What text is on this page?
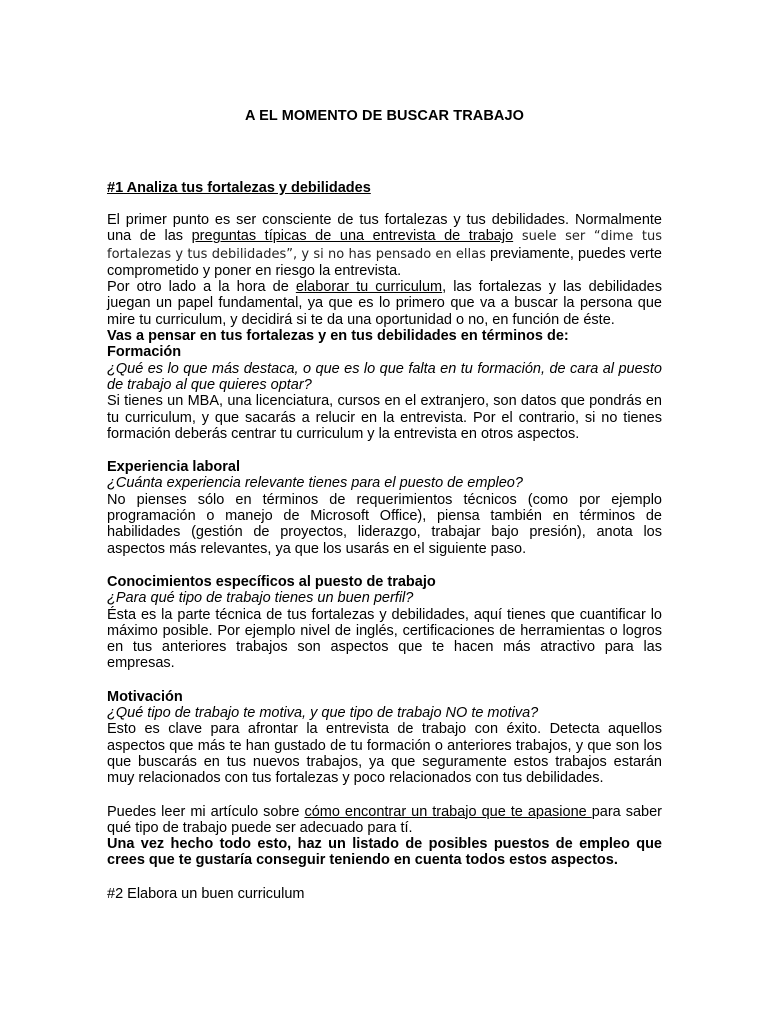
A EL MOMENTO DE BUSCAR TRABAJO
#1 Analiza tus fortalezas y debilidades

El primer punto es ser consciente de tus fortalezas y tus debilidades. Normalmente una de las preguntas típicas de una entrevista de trabajo suele ser “dime tus fortalezas y tus debilidades”, y si no has pensado en ellas previamente, puedes verte comprometido y poner en riesgo la entrevista.

Por otro lado a la hora de elaborar tu curriculum, las fortalezas y las debilidades juegan un papel fundamental, ya que es lo primero que va a buscar la persona que mire tu curriculum, y decidirá si te da una oportunidad o no, en función de éste.

Vas a pensar en tus fortalezas y en tus debilidades en términos de:

Formación

¿Qué es lo que más destaca, o que es lo que falta en tu formación, de cara al puesto de trabajo al que quieres optar?

Si tienes un MBA, una licenciatura, cursos en el extranjero, son datos que pondrás en tu curriculum, y que sacarás a relucir en la entrevista. Por el contrario, si no tienes formación deberás centrar tu curriculum y la entrevista en otros aspectos.

Experiencia laboral

¿Cuánta experiencia relevante tienes para el puesto de empleo?

No pienses sólo en términos de requerimientos técnicos (como por ejemplo programación o manejo de Microsoft Office), piensa también en términos de habilidades (gestión de proyectos, liderazgo, trabajar bajo presión), anota los aspectos más relevantes, ya que los usarás en el siguiente paso.

Conocimientos específicos al puesto de trabajo

¿Para qué tipo de trabajo tienes un buen perfil?

Ésta es la parte técnica de tus fortalezas y debilidades, aquí tienes que cuantificar lo máximo posible. Por ejemplo nivel de inglés, certificaciones de herramientas o logros en tus anteriores trabajos son aspectos que te hacen más atractivo para las empresas.

Motivación

¿Qué tipo de trabajo te motiva, y que tipo de trabajo NO te motiva?

Esto es clave para afrontar la entrevista de trabajo con éxito. Detecta aquellos aspectos que más te han gustado de tu formación o anteriores trabajos, y que son los que buscarás en tus nuevos trabajos, ya que seguramente estos trabajos estarán muy relacionados con tus fortalezas y poco relacionados con tus debilidades.

Puedes leer mi artículo sobre cómo encontrar un trabajo que te apasione para saber qué tipo de trabajo puede ser adecuado para tí.

Una vez hecho todo esto, haz un listado de posibles puestos de empleo que crees que te gustaría conseguir teniendo en cuenta todos estos aspectos.

#2 Elabora un buen curriculum
